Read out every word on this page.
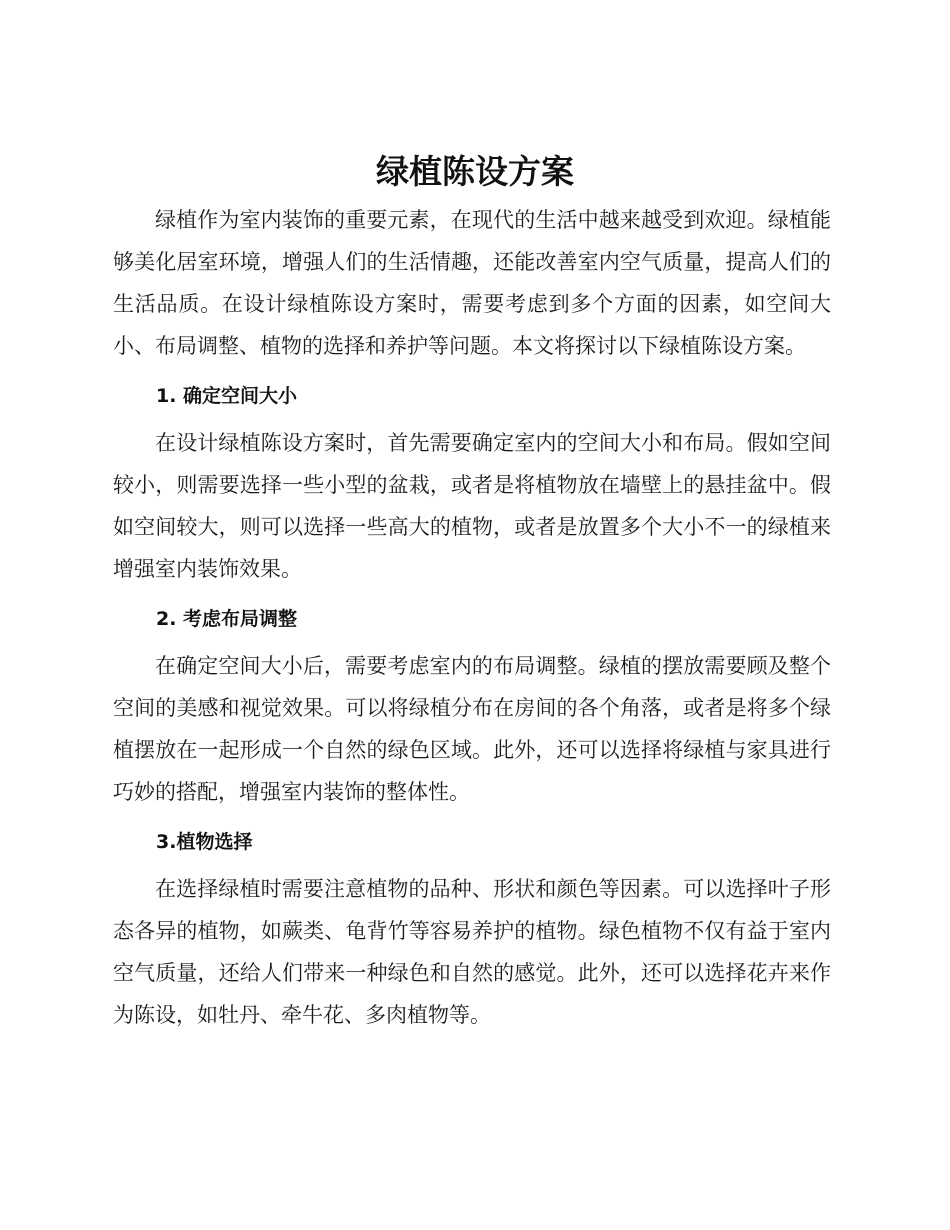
绿植陈设方案

绿植作为室内装饰的重要元素，在现代的生活中越来越受到欢迎。绿植能够美化居室环境，增强人们的生活情趣，还能改善室内空气质量，提高人们的生活品质。在设计绿植陈设方案时，需要考虑到多个方面的因素，如空间大小、布局调整、植物的选择和养护等问题。本文将探讨以下绿植陈设方案。

1. 确定空间大小

在设计绿植陈设方案时，首先需要确定室内的空间大小和布局。假如空间较小，则需要选择一些小型的盆栽，或者是将植物放在墙壁上的悬挂盆中。假如空间较大，则可以选择一些高大的植物，或者是放置多个大小不一的绿植来增强室内装饰效果。

2. 考虑布局调整

在确定空间大小后，需要考虑室内的布局调整。绿植的摆放需要顾及整个空间的美感和视觉效果。可以将绿植分布在房间的各个角落，或者是将多个绿植摆放在一起形成一个自然的绿色区域。此外，还可以选择将绿植与家具进行巧妙的搭配，增强室内装饰的整体性。

3.植物选择

在选择绿植时需要注意植物的品种、形状和颜色等因素。可以选择叶子形态各异的植物，如蕨类、龟背竹等容易养护的植物。绿色植物不仅有益于室内空气质量，还给人们带来一种绿色和自然的感觉。此外，还可以选择花卉来作为陈设，如牡丹、牵牛花、多肉植物等。
